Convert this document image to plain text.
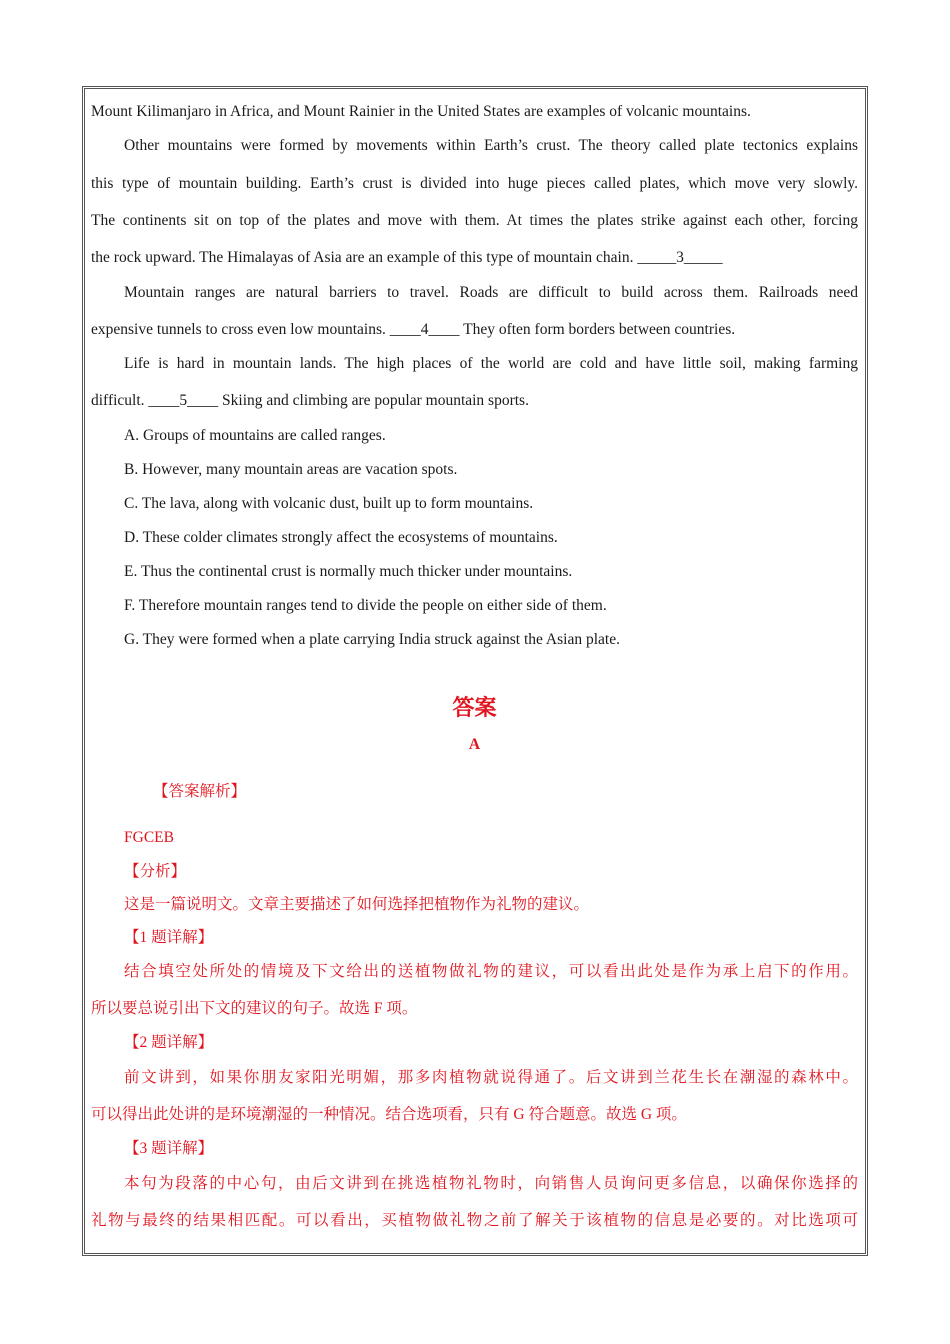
Mount Kilimanjaro in Africa, and Mount Rainier in the United States are examples of volcanic mountains.
Other mountains were formed by movements within Earth’s crust. The theory called plate tectonics explains
this type of mountain building. Earth’s crust is divided into huge pieces called plates, which move very slowly.
The continents sit on top of the plates and move with them. At times the plates strike against each other, forcing
the rock upward. The Himalayas of Asia are an example of this type of mountain chain. _____3_____
Mountain ranges are natural barriers to travel. Roads are difficult to build across them. Railroads need
expensive tunnels to cross even low mountains. ____4____ They often form borders between countries.
Life is hard in mountain lands. The high places of the world are cold and have little soil, making farming
difficult. ____5____ Skiing and climbing are popular mountain sports.
A. Groups of mountains are called ranges.
B. However, many mountain areas are vacation spots.
C. The lava, along with volcanic dust, built up to form mountains.
D. These colder climates strongly affect the ecosystems of mountains.
E. Thus the continental crust is normally much thicker under mountains.
F. Therefore mountain ranges tend to divide the people on either side of them.
G. They were formed when a plate carrying India struck against the Asian plate.
答案
A
【答案解析】
FGCEB
【分析】
这是一篇说明文。文章主要描述了如何选择把植物作为礼物的建议。
【1 题详解】
结合填空处所处的情境及下文给出的送植物做礼物的建议，可以看出此处是作为承上启下的作用。
所以要总说引出下文的建议的句子。故选 F 项。
【2 题详解】
前文讲到，如果你朋友家阳光明媚，那多肉植物就说得通了。后文讲到兰花生长在潮湿的森林中。
可以得出此处讲的是环境潮湿的一种情况。结合选项看，只有 G 符合题意。故选 G 项。
【3 题详解】
本句为段落的中心句，由后文讲到在挑选植物礼物时，向销售人员询问更多信息，以确保你选择的
礼物与最终的结果相匹配。可以看出，买植物做礼物之前了解关于该植物的信息是必要的。对比选项可
